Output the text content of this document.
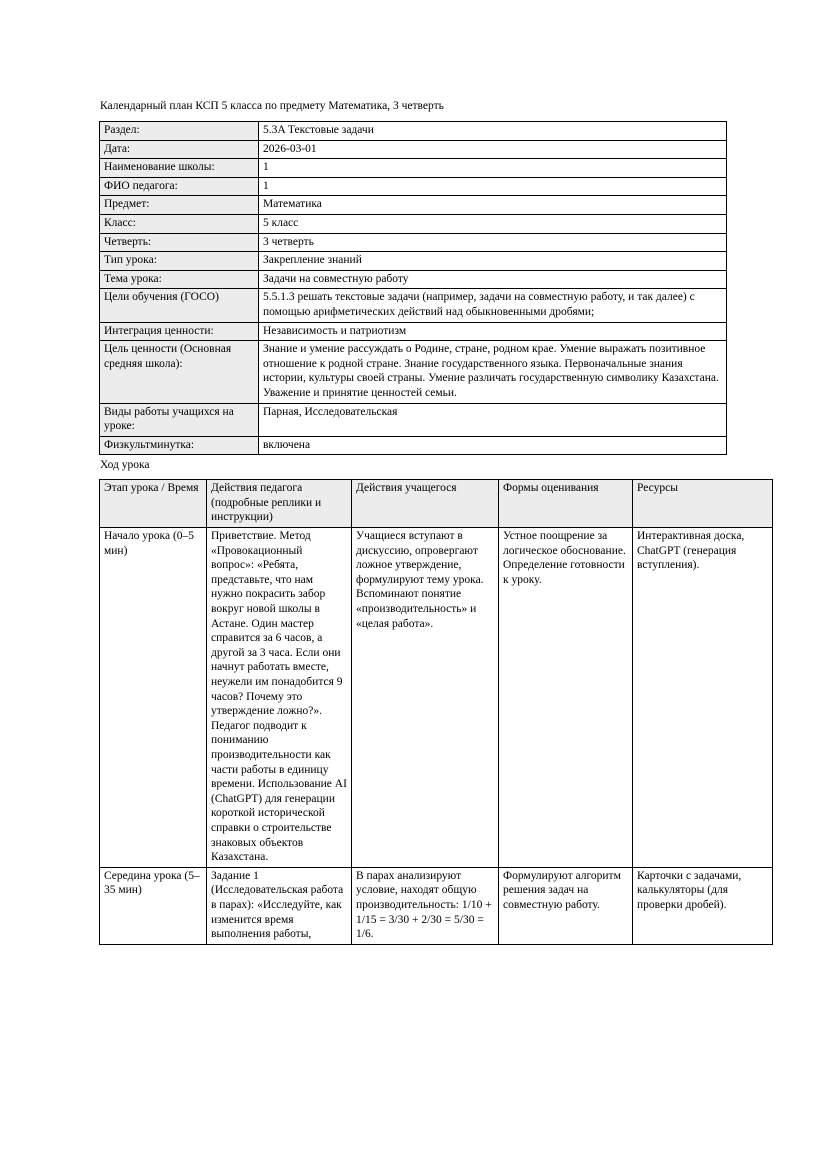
Календарный план КСП 5 класса по предмету Математика, 3 четверть

Раздел:	5.3A Текстовые задачи
Дата:	2026-03-01
Наименование школы:	1
ФИО педагога:	1
Предмет:	Математика
Класс:	5 класс
Четверть:	3 четверть
Тип урока:	Закрепление знаний
Тема урока:	Задачи на совместную работу
Цели обучения (ГОСО)	5.5.1.3 решать текстовые задачи (например, задачи на совместную работу, и так далее) с помощью арифметических действий над обыкновенными дробями;
Интеграция ценности:	Независимость и патриотизм
Цель ценности (Основная средняя школа):	Знание и умение рассуждать о Родине, стране, родном крае. Умение выражать позитивное отношение к родной стране. Знание государственного языка. Первоначальные знания истории, культуры своей страны. Умение различать государственную символику Казахстана. Уважение и принятие ценностей семьи.
Виды работы учащихся на уроке:	Парная, Исследовательская
Физкультминутка:	включена

Ход урока

Этап урока / Время	Действия педагога (подробные реплики и инструкции)	Действия учащегося	Формы оценивания	Ресурсы
Начало урока (0–5 мин)	Приветствие. Метод «Провокационный вопрос»: «Ребята, представьте, что нам нужно покрасить забор вокруг новой школы в Астане. Один мастер справится за 6 часов, а другой за 3 часа. Если они начнут работать вместе, неужели им понадобится 9 часов? Почему это утверждение ложно?». Педагог подводит к пониманию производительности как части работы в единицу времени. Использование AI (ChatGPT) для генерации короткой исторической справки о строительстве знаковых объектов Казахстана.	Учащиеся вступают в дискуссию, опровергают ложное утверждение, формулируют тему урока. Вспоминают понятие «производительность» и «целая работа».	Устное поощрение за логическое обоснование. Определение готовности к уроку.	Интерактивная доска, ChatGPT (генерация вступления).
Середина урока (5–35 мин)	Задание 1 (Исследовательская работа в парах): «Исследуйте, как изменится время выполнения работы,	В парах анализируют условие, находят общую производительность: 1/10 + 1/15 = 3/30 + 2/30 = 5/30 = 1/6.	Формулируют алгоритм решения задач на совместную работу.	Карточки с задачами, калькуляторы (для проверки дробей).
